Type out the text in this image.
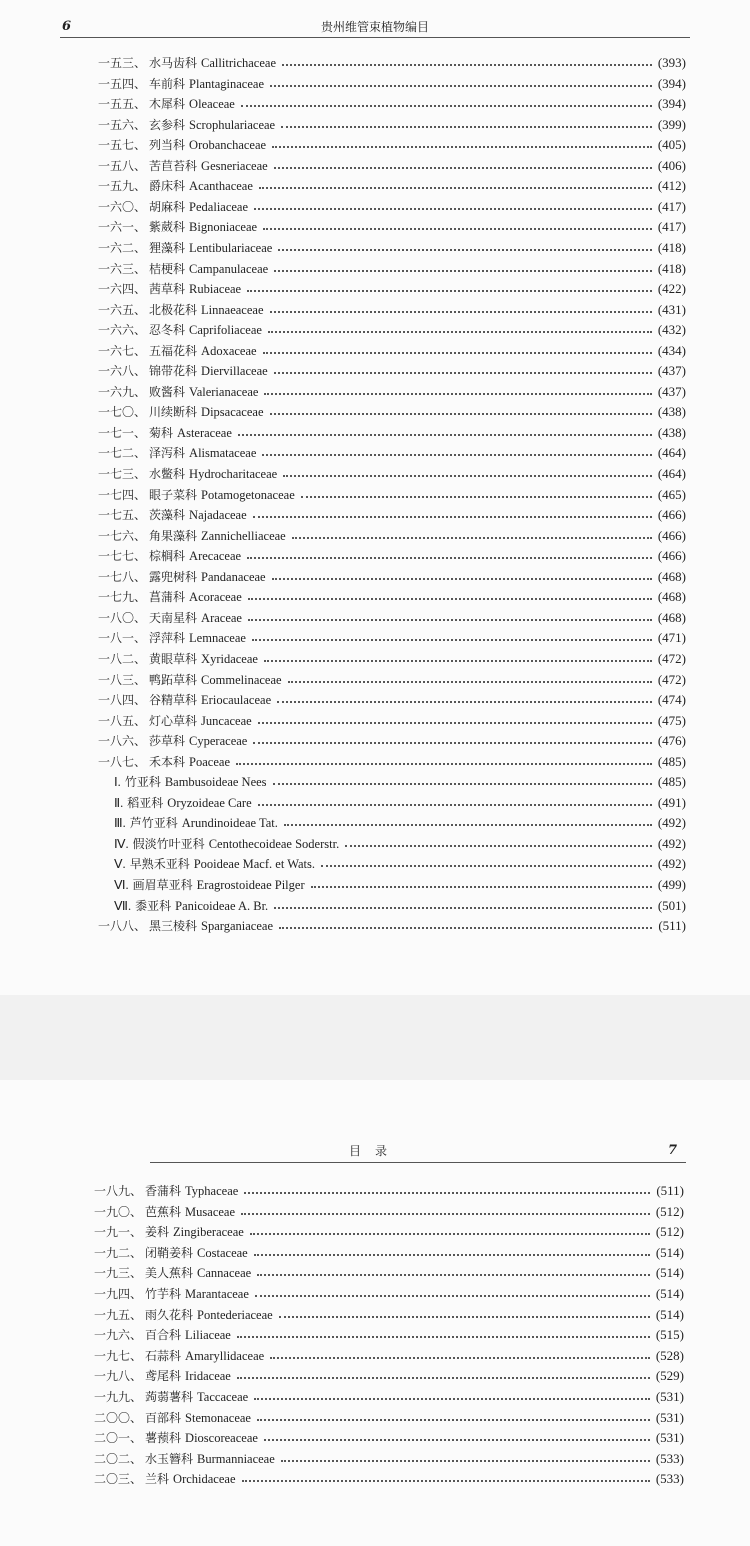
6	贵州维管束植物编目
目录	7
一五三 、 水马齿科 Callitrichaceae	(393)
一五四 、 车前科 Plantaginaceae	(394)
一五五 、 木犀科 Oleaceae	(394)
一五六 、 玄参科 Scrophulariaceae	(399)
一五七 、 列当科 Orobanchaceae	(405)
一五八 、 苦苣苔科 Gesneriaceae	(406)
一五九 、 爵床科 Acanthaceae	(412)
一六〇 、 胡麻科 Pedaliaceae	(417)
一六一 、 紫葳科 Bignoniaceae	(417)
一六二 、 狸藻科 Lentibulariaceae	(418)
一六三 、 桔梗科 Campanulaceae	(418)
一六四 、 茜草科 Rubiaceae	(422)
一六五 、 北极花科 Linnaeaceae	(431)
一六六 、 忍冬科 Caprifoliaceae	(432)
一六七 、 五福花科 Adoxaceae	(434)
一六八 、 锦带花科 Diervillaceae	(437)
一六九 、 败酱科 Valerianaceae	(437)
一七〇 、 川续断科 Dipsacaceae	(438)
一七一 、 菊科 Asteraceae	(438)
一七二 、 泽泻科 Alismataceae	(464)
一七三 、 水鳖科 Hydrocharitaceae	(464)
一七四 、 眼子菜科 Potamogetonaceae	(465)
一七五 、 茨藻科 Najadaceae	(466)
一七六 、 角果藻科 Zannichelliaceae	(466)
一七七 、 棕榈科 Arecaceae	(466)
一七八 、 露兜树科 Pandanaceae	(468)
一七九 、 菖蒲科 Acoraceae	(468)
一八〇 、 天南星科 Araceae	(468)
一八一 、 浮萍科 Lemnaceae	(471)
一八二 、 黄眼草科 Xyridaceae	(472)
一八三 、 鸭跖草科 Commelinaceae	(472)
一八四 、 谷精草科 Eriocaulaceae	(474)
一八五 、 灯心草科 Juncaceae	(475)
一八六 、 莎草科 Cyperaceae	(476)
一八七 、 禾本科 Poaceae	(485)
Ⅰ. 竹亚科 Bambusoideae Nees	(485)
Ⅱ. 稻亚科 Oryzoideae Care	(491)
Ⅲ. 芦竹亚科 Arundinoideae Tat.	(492)
Ⅳ. 假淡竹叶亚科 Centothecoideae Soderstr.	(492)
Ⅴ. 早熟禾亚科 Pooideae Macf. et Wats.	(492)
Ⅵ. 画眉草亚科 Eragrostoideae Pilger	(499)
Ⅶ. 黍亚科 Panicoideae A. Br.	(501)
一八八 、 黑三棱科 Sparganiaceae	(511)
一八九 、 香蒲科 Typhaceae	(511)
一九〇 、 芭蕉科 Musaceae	(512)
一九一 、 姜科 Zingiberaceae	(512)
一九二 、 闭鞘姜科 Costaceae	(514)
一九三 、 美人蕉科 Cannaceae	(514)
一九四 、 竹芋科 Marantaceae	(514)
一九五 、 雨久花科 Pontederiaceae	(514)
一九六 、 百合科 Liliaceae	(515)
一九七 、 石蒜科 Amaryllidaceae	(528)
一九八 、 鸢尾科 Iridaceae	(529)
一九九 、 蒟蒻薯科 Taccaceae	(531)
二〇〇 、 百部科 Stemonaceae	(531)
二〇一 、 薯蓣科 Dioscoreaceae	(531)
二〇二 、 水玉簪科 Burmanniaceae	(533)
二〇三 、 兰科 Orchidaceae	(533)
